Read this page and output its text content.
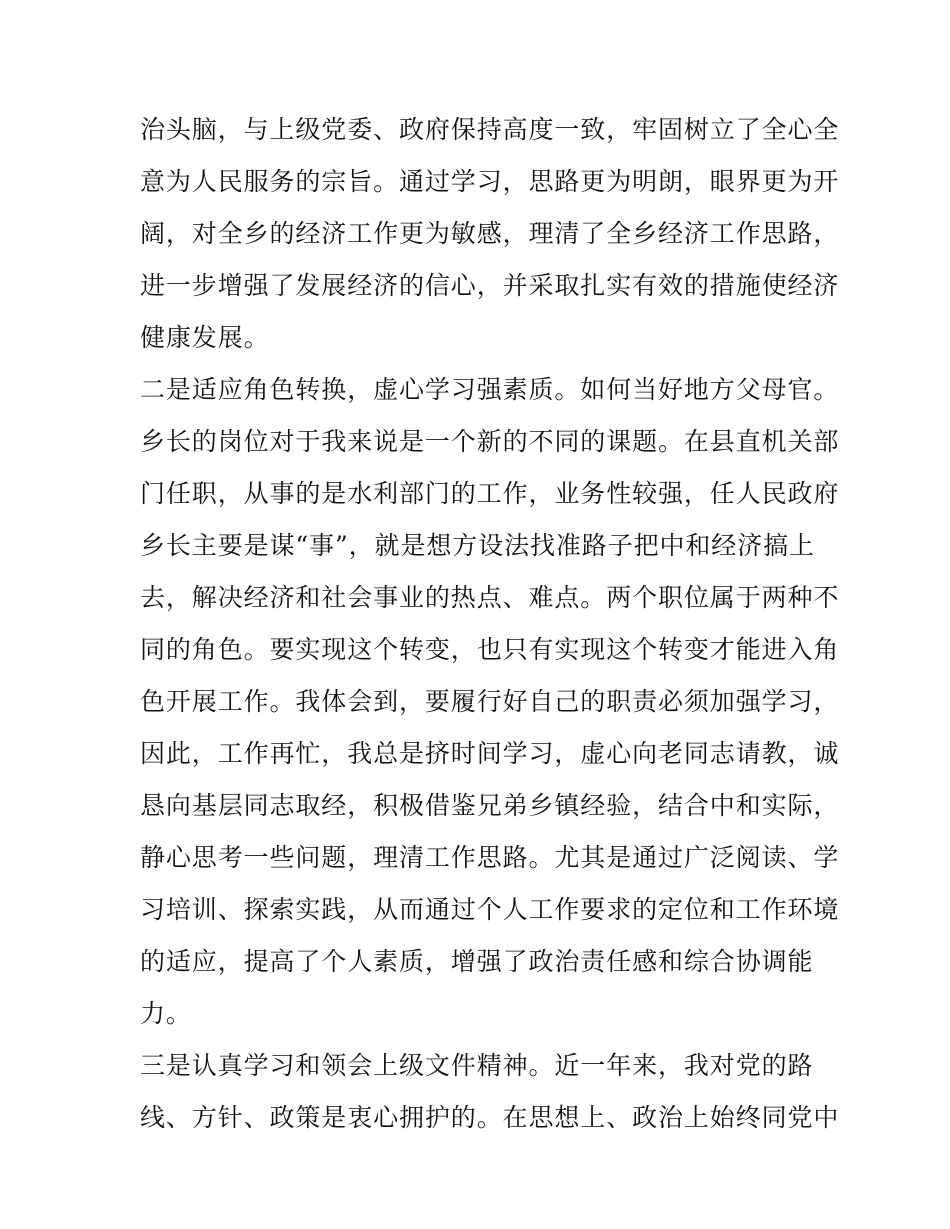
治头脑，与上级党委、政府保持高度一致，牢固树立了全心全
意为人民服务的宗旨。通过学习，思路更为明朗，眼界更为开
阔，对全乡的经济工作更为敏感，理清了全乡经济工作思路，
进一步增强了发展经济的信心，并采取扎实有效的措施使经济
健康发展。
二是适应角色转换，虚心学习强素质。如何当好地方父母官。
乡长的岗位对于我来说是一个新的不同的课题。在县直机关部
门任职，从事的是水利部门的工作，业务性较强，任人民政府
乡长主要是谋“事”，就是想方设法找准路子把中和经济搞上
去，解决经济和社会事业的热点、难点。两个职位属于两种不
同的角色。要实现这个转变，也只有实现这个转变才能进入角
色开展工作。我体会到，要履行好自己的职责必须加强学习，
因此，工作再忙，我总是挤时间学习，虚心向老同志请教，诚
恳向基层同志取经，积极借鉴兄弟乡镇经验，结合中和实际，
静心思考一些问题，理清工作思路。尤其是通过广泛阅读、学
习培训、探索实践，从而通过个人工作要求的定位和工作环境
的适应，提高了个人素质，增强了政治责任感和综合协调能
力。
三是认真学习和领会上级文件精神。近一年来，我对党的路
线、方针、政策是衷心拥护的。在思想上、政治上始终同党中
